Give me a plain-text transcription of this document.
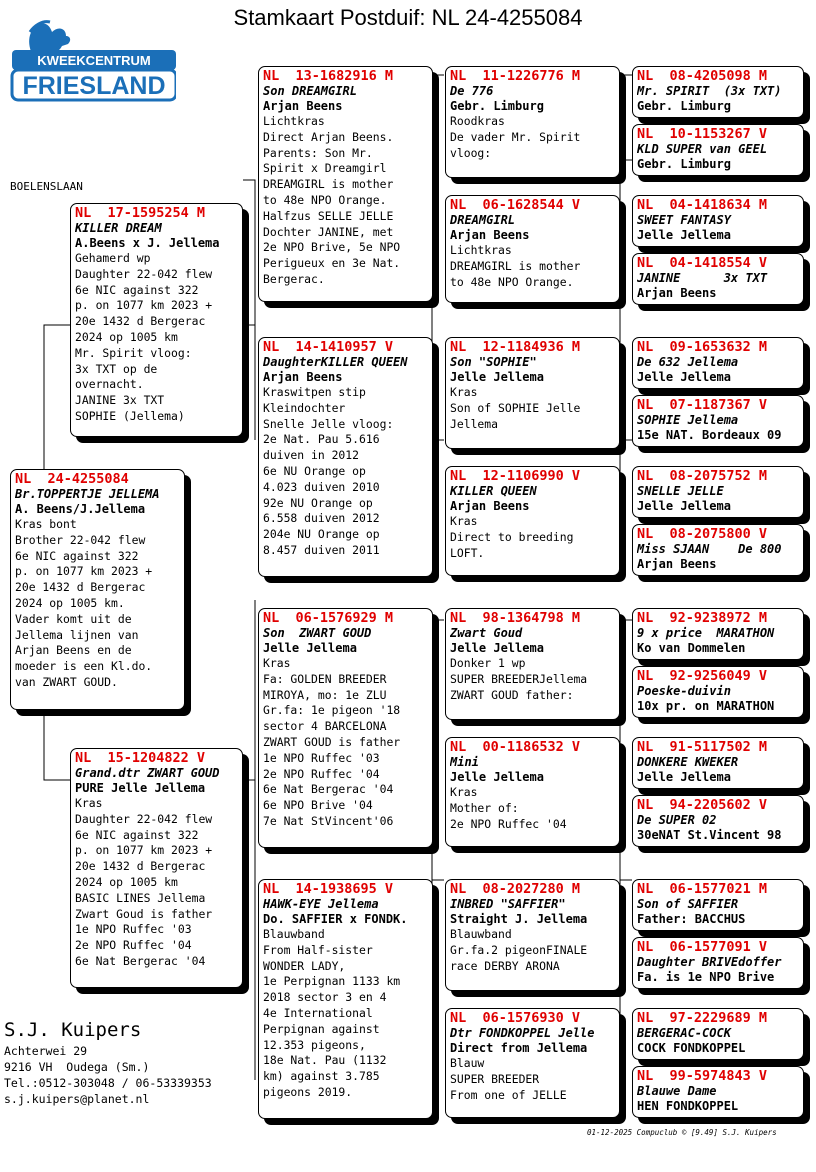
Stamkaart Postduif: NL 24-4255084
KWEEKCENTRUM
FRIESLAND
BOELENSLAAN
NL  24-4255084
Br.TOPPERTJE JELLEMA
A. Beens/J.Jellema
Kras bont
Brother 22-042 flew
6e NIC against 322
p. on 1077 km 2023 +
20e 1432 d Bergerac
2024 op 1005 km.
Vader komt uit de
Jellema lijnen van
Arjan Beens en de
moeder is een Kl.do.
van ZWART GOUD.
NL  17-1595254 M
KILLER DREAM
A.Beens x J. Jellema
Gehamerd wp
Daughter 22-042 flew
6e NIC against 322
p. on 1077 km 2023 +
20e 1432 d Bergerac
2024 op 1005 km
Mr. Spirit vloog:
3x TXT op de
overnacht.
JANINE 3x TXT
SOPHIE (Jellema)
NL  15-1204822 V
Grand.dtr ZWART GOUD
PURE Jelle Jellema
Kras
Daughter 22-042 flew
6e NIC against 322
p. on 1077 km 2023 +
20e 1432 d Bergerac
2024 op 1005 km
BASIC LINES Jellema
Zwart Goud is father
1e NPO Ruffec '03
2e NPO Ruffec '04
6e Nat Bergerac '04
NL  13-1682916 M
Son DREAMGIRL
Arjan Beens
Lichtkras
Direct Arjan Beens.
Parents: Son Mr.
Spirit x Dreamgirl
DREAMGIRL is mother
to 48e NPO Orange.
Halfzus SELLE JELLE
Dochter JANINE, met
2e NPO Brive, 5e NPO
Perigueux en 3e Nat.
Bergerac.
NL  14-1410957 V
DaughterKILLER QUEEN
Arjan Beens
Kraswitpen stip
Kleindochter
Snelle Jelle vloog:
2e Nat. Pau 5.616
duiven in 2012
6e NU Orange op
4.023 duiven 2010
92e NU Orange op
6.558 duiven 2012
204e NU Orange op
8.457 duiven 2011
NL  06-1576929 M
Son  ZWART GOUD
Jelle Jellema
Kras
Fa: GOLDEN BREEDER
MIROYA, mo: 1e ZLU
Gr.fa: 1e pigeon '18
sector 4 BARCELONA
ZWART GOUD is father
1e NPO Ruffec '03
2e NPO Ruffec '04
6e Nat Bergerac '04
6e NPO Brive '04
7e Nat StVincent'06
NL  14-1938695 V
HAWK-EYE Jellema
Do. SAFFIER x FONDK.
Blauwband
From Half-sister
WONDER LADY,
1e Perpignan 1133 km
2018 sector 3 en 4
4e International
Perpignan against
12.353 pigeons,
18e Nat. Pau (1132
km) against 3.785
pigeons 2019.
NL  11-1226776 M
De 776
Gebr. Limburg
Roodkras
De vader Mr. Spirit
vloog:
NL  06-1628544 V
DREAMGIRL
Arjan Beens
Lichtkras
DREAMGIRL is mother
to 48e NPO Orange.
NL  12-1184936 M
Son "SOPHIE"
Jelle Jellema
Kras
Son of SOPHIE Jelle
Jellema
NL  12-1106990 V
KILLER QUEEN
Arjan Beens
Kras
Direct to breeding
LOFT.
NL  98-1364798 M
Zwart Goud
Jelle Jellema
Donker 1 wp
SUPER BREEDERJellema
ZWART GOUD father:
NL  00-1186532 V
Mini
Jelle Jellema
Kras
Mother of:
2e NPO Ruffec '04
NL  08-2027280 M
INBRED "SAFFIER"
Straight J. Jellema
Blauwband
Gr.fa.2 pigeonFINALE
race DERBY ARONA
NL  06-1576930 V
Dtr FONDKOPPEL Jelle
Direct from Jellema
Blauw
SUPER BREEDER
From one of JELLE
NL  08-4205098 M
Mr. SPIRIT  (3x TXT)
Gebr. Limburg
NL  10-1153267 V
KLD SUPER van GEEL
Gebr. Limburg
NL  04-1418634 M
SWEET FANTASY
Jelle Jellema
NL  04-1418554 V
JANINE      3x TXT
Arjan Beens
NL  09-1653632 M
De 632 Jellema
Jelle Jellema
NL  07-1187367 V
SOPHIE Jellema
15e NAT. Bordeaux 09
NL  08-2075752 M
SNELLE JELLE
Jelle Jellema
NL  08-2075800 V
Miss SJAAN    De 800
Arjan Beens
NL  92-9238972 M
9 x price  MARATHON
Ko van Dommelen
NL  92-9256049 V
Poeske-duivin
10x pr. on MARATHON
NL  91-5117502 M
DONKERE KWEKER
Jelle Jellema
NL  94-2205602 V
De SUPER 02
30eNAT St.Vincent 98
NL  06-1577021 M
Son of SAFFIER
Father: BACCHUS
NL  06-1577091 V
Daughter BRIVEdoffer
Fa. is 1e NPO Brive
NL  97-2229689 M
BERGERAC-COCK
COCK FONDKOPPEL
NL  99-5974843 V
Blauwe Dame
HEN FONDKOPPEL
S.J. Kuipers
Achterwei 29
9216 VH  Oudega (Sm.)
Tel.:0512-303048 / 06-53339353
s.j.kuipers@planet.nl
01-12-2025 Compuclub © [9.49] S.J. Kuipers
